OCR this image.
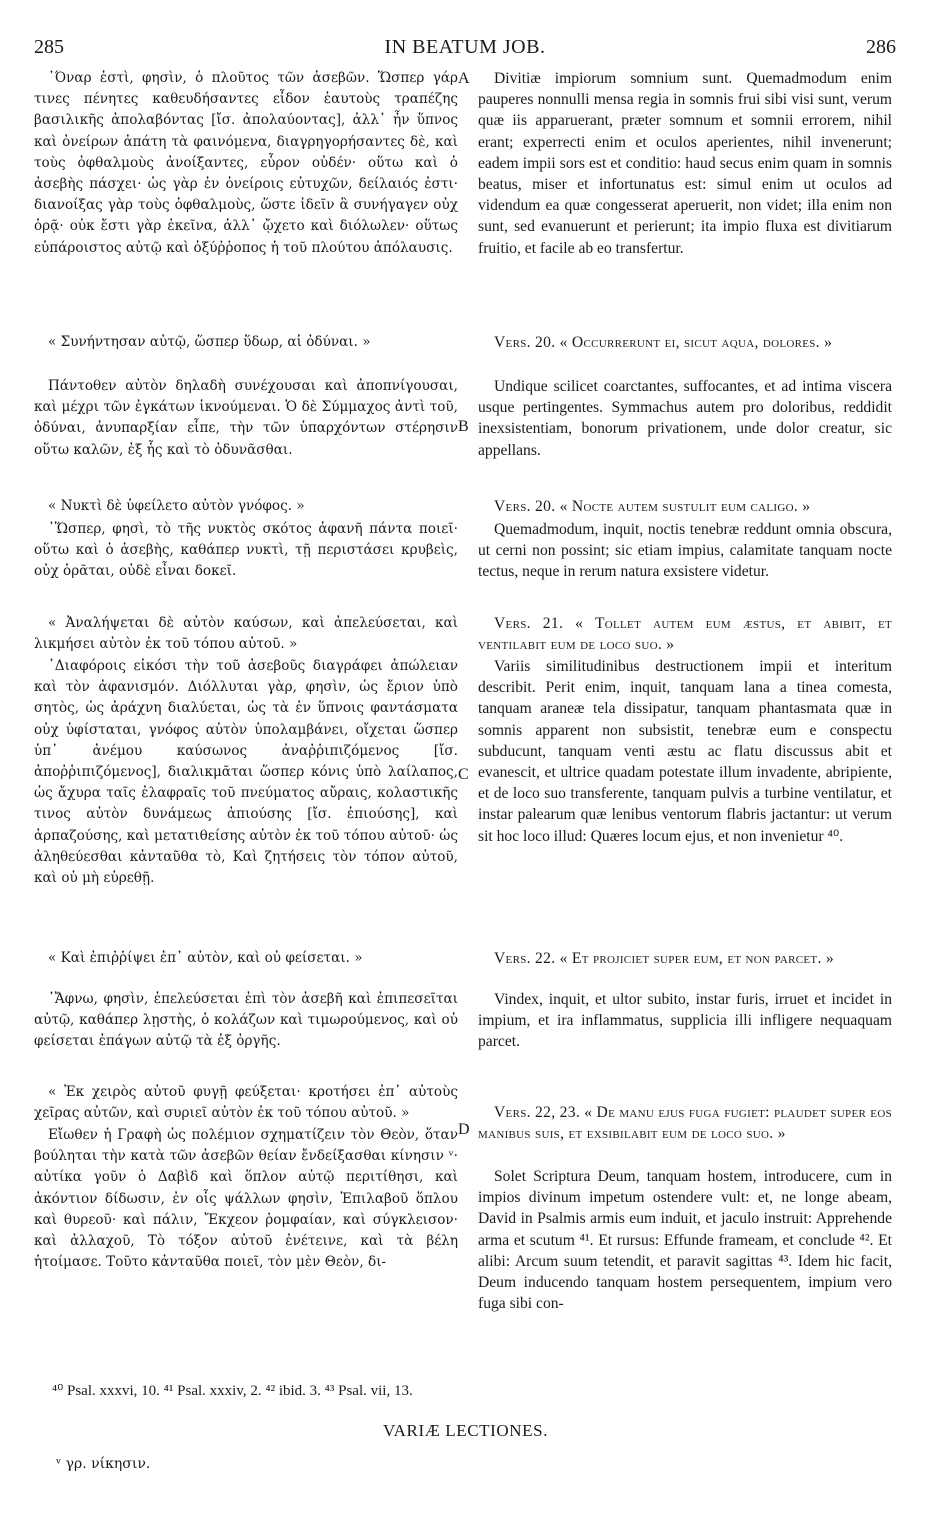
285	IN BEATUM JOB.	286
᾿Όναρ ἐστὶ, φησὶν, ὁ πλοῦτος τῶν ἀσεβῶν. Ὥσπερ γάρ τινες πένητες καθευδήσαντες εἶδον ἑαυτοὺς τραπέζης βασιλικῆς ἀπολαβόντας [ἴσ. ἀπολαύοντας], ἀλλ᾿ ἦν ὕπνος καὶ ὀνείρων ἀπάτη τὰ φαινόμενα, διαγρηγορήσαντες δὲ, καὶ τοὺς ὀφθαλμοὺς ἀνοίξαντες, εὗρον οὐδέν· οὕτω καὶ ὁ ἀσεβὴς πάσχει· ὡς γὰρ ἐν ὀνείροις εὐτυχῶν, δείλαιός ἐστι· διανοίξας γὰρ τοὺς ὀφθαλμοὺς, ὥστε ἰδεῖν ἃ συνήγαγεν οὐχ ὁρᾷ· οὐκ ἔστι γὰρ ἐκεῖνα, ἀλλ᾿ ᾤχετο καὶ διόλωλεν· οὕτως εὐπάροιστος αὐτῷ καὶ ὀξύῤῥοπος ἡ τοῦ πλούτου ἀπόλαυσις.
« Συνήντησαν αὐτῷ, ὥσπερ ὕδωρ, αἱ ὀδύναι. »
Πάντοθεν αὐτὸν δηλαδὴ συνέχουσαι καὶ ἀποπνίγουσαι, καὶ μέχρι τῶν ἐγκάτων ἱκνούμεναι. Ὁ δὲ Σύμμαχος ἀντὶ τοῦ, ὀδύναι, ἀνυπαρξίαν εἶπε, τὴν τῶν ὑπαρχόντων στέρησιν οὕτω καλῶν, ἐξ ἧς καὶ τὸ ὀδυνᾶσθαι.
« Νυκτὶ δὲ ὑφείλετο αὐτὸν γνόφος. »
᾿Ὥσπερ, φησὶ, τὸ τῆς νυκτὸς σκότος ἀφανῆ πάντα ποιεῖ· οὕτω καὶ ὁ ἀσεβὴς, καθάπερ νυκτὶ, τῇ περιστάσει κρυβεὶς, οὐχ ὁρᾶται, οὐδὲ εἶναι δοκεῖ.
« Ἀναλήψεται δὲ αὐτὸν καύσων, καὶ ἀπελεύσεται, καὶ λικμήσει αὐτὸν ἐκ τοῦ τόπου αὐτοῦ. »
᾿Διαφόροις εἰκόσι τὴν τοῦ ἀσεβοῦς διαγράφει ἀπώλειαν καὶ τὸν ἀφανισμόν. Διόλλυται γὰρ, φησὶν, ὡς ἔριον ὑπὸ σητὸς, ὡς ἀράχνη διαλύεται, ὡς τὰ ἐν ὕπνοις φαντάσματα οὐχ ὑφίσταται, γνόφος αὐτὸν ὑπολαμβάνει, οἴχεται ὥσπερ ὑπ᾿ ἀνέμου καύσωνος ἀναῤῥιπιζόμενος [ἴσ. ἀποῤῥιπιζόμενος], διαλικμᾶται ὥσπερ κόνις ὑπὸ λαίλαπος, ὡς ἄχυρα ταῖς ἐλαφραῖς τοῦ πνεύματος αὔραις, κολαστικῆς τινος αὐτὸν δυνάμεως ἀπιούσης [ἴσ. ἐπιούσης], καὶ ἁρπαζούσης, καὶ μετατιθείσης αὐτὸν ἐκ τοῦ τόπου αὐτοῦ· ὡς ἀληθεύεσθαι κἀνταῦθα τὸ, Καὶ ζητήσεις τὸν τόπον αὐτοῦ, καὶ οὐ μὴ εὑρεθῇ.
« Καὶ ἐπιῤῥίψει ἐπ᾿ αὐτὸν, καὶ οὐ φείσεται. »
᾿Ἄφνω, φησὶν, ἐπελεύσεται ἐπὶ τὸν ἀσεβῆ καὶ ἐπιπεσεῖται αὐτῷ, καθάπερ λῃστὴς, ὁ κολάζων καὶ τιμωρούμενος, καὶ οὐ φείσεται ἐπάγων αὐτῷ τὰ ἐξ ὀργῆς.
« Ἐκ χειρὸς αὐτοῦ φυγῇ φεύξεται· κροτήσει ἐπ᾿ αὐτοὺς χεῖρας αὐτῶν, καὶ συριεῖ αὐτὸν ἐκ τοῦ τόπου αὐτοῦ. »
Εἴωθεν ἡ Γραφὴ ὡς πολέμιον σχηματίζειν τὸν Θεὸν, ὅταν βούληται τὴν κατὰ τῶν ἀσεβῶν θείαν ἔνδείξασθαι κίνησιν ᵛ· αὐτίκα γοῦν ὁ Δαβὶδ καὶ ὅπλον αὐτῷ περιτίθησι, καὶ ἀκόντιον δίδωσιν, ἐν οἷς ψάλλων φησὶν, Ἐπιλαβοῦ ὅπλου καὶ θυρεοῦ· καὶ πάλιν, Ἔκχεον ῥομφαίαν, καὶ σύγκλεισον· καὶ ἀλλαχοῦ, Τὸ τόξον αὐτοῦ ἐνέτεινε, καὶ τὰ βέλη ἡτοίμασε. Τοῦτο κἀνταῦθα ποιεῖ, τὸν μὲν Θεὸν, δι-
A
B
C
D
Divitiæ impiorum somnium sunt. Quemadmodum enim pauperes nonnulli mensa regia in somnis frui sibi visi sunt, verum quæ iis apparuerant, præter somnum et somnii errorem, nihil erant; experrecti enim et oculos aperientes, nihil invenerunt; eadem impii sors est et conditio: haud secus enim quam in somnis beatus, miser et infortunatus est: simul enim ut oculos ad videndum ea quæ congesserat aperuerit, non videt; illa enim non sunt, sed evanuerunt et perierunt; ita impio fluxa est divitiarum fruitio, et facile ab eo transfertur.
Vers. 20. « Occurrerunt ei, sicut aqua, dolores. »
Undique scilicet coarctantes, suffocantes, et ad intima viscera usque pertingentes. Symmachus autem pro doloribus, reddidit inexsistentiam, bonorum privationem, unde dolor creatur, sic appellans.
Vers. 20. « Nocte autem sustulit eum caligo. »
Quemadmodum, inquit, noctis tenebræ reddunt omnia obscura, ut cerni non possint; sic etiam impius, calamitate tanquam nocte tectus, neque in rerum natura exsistere videtur.
Vers. 21. « Tollet autem eum æstus, et abibit, et ventilabit eum de loco suo. »
Variis similitudinibus destructionem impii et interitum describit. Perit enim, inquit, tanquam lana a tinea comesta, tanquam araneæ tela dissipatur, tanquam phantasmata quæ in somnis apparent non subsistit, tenebræ eum e conspectu subducunt, tanquam venti æstu ac flatu discussus abit et evanescit, et ultrice quadam potestate illum invadente, abripiente, et de loco suo transferente, tanquam pulvis a turbine ventilatur, et instar palearum quæ lenibus ventorum flabris jactantur: ut verum sit hoc loco illud: Quæres locum ejus, et non invenietur ⁴⁰.
Vers. 22. « Et projiciet super eum, et non parcet. »
Vindex, inquit, et ultor subito, instar furis, irruet et incidet in impium, et ira inflammatus, supplicia illi infligere nequaquam parcet.
Vers. 22, 23. « De manu ejus fuga fugiet: plaudet super eos manibus suis, et exsibilabit eum de loco suo. »
Solet Scriptura Deum, tanquam hostem, introducere, cum in impios divinum impetum ostendere vult: et, ne longe abeam, David in Psalmis armis eum induit, et jaculo instruit: Apprehende arma et scutum ⁴¹. Et rursus: Effunde frameam, et conclude ⁴². Et alibi: Arcum suum tetendit, et paravit sagittas ⁴³. Idem hic facit, Deum inducendo tanquam hostem persequentem, impium vero fuga sibi con-
⁴⁰ Psal. xxxvi, 10. ⁴¹ Psal. xxxiv, 2. ⁴² ibid. 3. ⁴³ Psal. vii, 13.
VARIÆ LECTIONES.
ᵛ γρ. νίκησιν.
